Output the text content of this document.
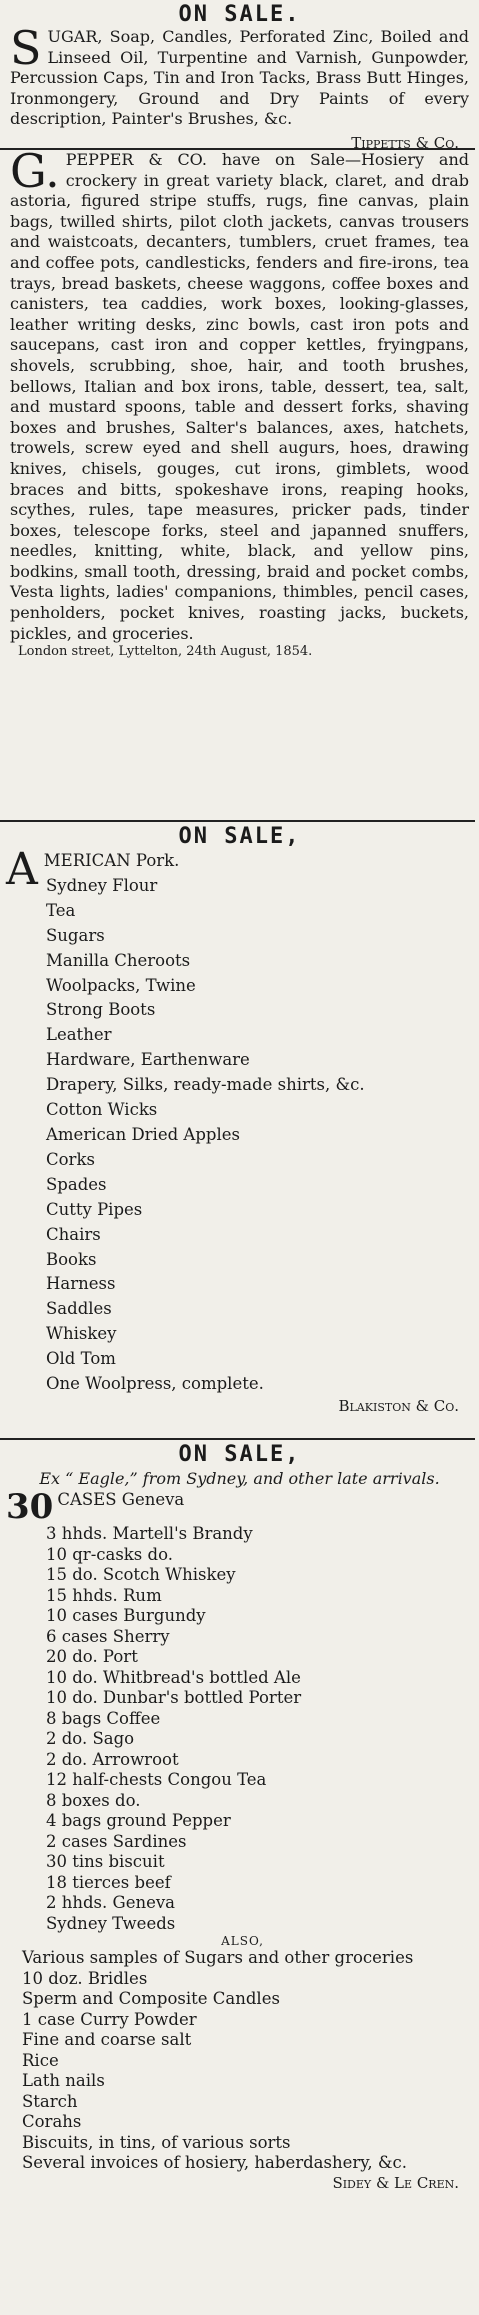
ON SALE.
S UGAR, Soap, Candles, Perforated Zinc, Boiled and Linseed Oil, Turpentine and Varnish, Gunpowder, Percussion Caps, Tin and Iron Tacks, Brass Butt Hinges, Ironmongery, Ground and Dry Paints of every description, Painter's Brushes, &c.
Tippetts & Co.
G. PEPPER & CO. have on Sale—Hosiery and crockery in great variety black, claret, and drab astoria, figured stripe stuffs, rugs, fine canvas, plain bags, twilled shirts, pilot cloth jackets, canvas trousers and waistcoats, decanters, tumblers, cruet frames, tea and coffee pots, candlesticks, fenders and fire-irons, tea trays, bread baskets, cheese waggons, coffee boxes and canisters, tea caddies, work boxes, looking-glasses, leather writing desks, zinc bowls, cast iron pots and saucepans, cast iron and copper kettles, fryingpans, shovels, scrubbing, shoe, hair, and tooth brushes, bellows, Italian and box irons, table, dessert, tea, salt, and mustard spoons, table and dessert forks, shaving boxes and brushes, Salter's balances, axes, hatchets, trowels, screw eyed and shell augurs, hoes, drawing knives, chisels, gouges, cut irons, gimblets, wood braces and bitts, spokeshave irons, reaping hooks, scythes, rules, tape measures, pricker pads, tinder boxes, telescope forks, steel and japanned snuffers, needles, knitting, white, black, and yellow pins, bodkins, small tooth, dressing, braid and pocket combs, Vesta lights, ladies' companions, thimbles, pencil cases, penholders, pocket knives, roasting jacks, buckets, pickles, and groceries.
London street, Lyttelton, 24th August, 1854.
ON SALE,
A MERICAN Pork.
Sydney Flour
Tea
Sugars
Manilla Cheroots
Woolpacks, Twine
Strong Boots
Leather
Hardware, Earthenware
Drapery, Silks, ready-made shirts, &c.
Cotton Wicks
American Dried Apples
Corks
Spades
Cutty Pipes
Chairs
Books
Harness
Saddles
Whiskey
Old Tom
One Woolpress, complete.
Blakiston & Co.
ON SALE,
Ex “ Eagle,” from Sydney, and other late arrivals.
30 CASES Geneva
3 hhds. Martell's Brandy
10 qr-casks do.
15 do. Scotch Whiskey
15 hhds. Rum
10 cases Burgundy
6 cases Sherry
20 do. Port
10 do. Whitbread's bottled Ale
10 do. Dunbar's bottled Porter
8 bags Coffee
2 do. Sago
2 do. Arrowroot
12 half-chests Congou Tea
8 boxes do.
4 bags ground Pepper
2 cases Sardines
30 tins biscuit
18 tierces beef
2 hhds. Geneva
Sydney Tweeds
ALSO,
Various samples of Sugars and other groceries
10 doz. Bridles
Sperm and Composite Candles
1 case Curry Powder
Fine and coarse salt
Rice
Lath nails
Starch
Corahs
Biscuits, in tins, of various sorts
Several invoices of hosiery, haberdashery, &c.
Sidey & Le Cren.
